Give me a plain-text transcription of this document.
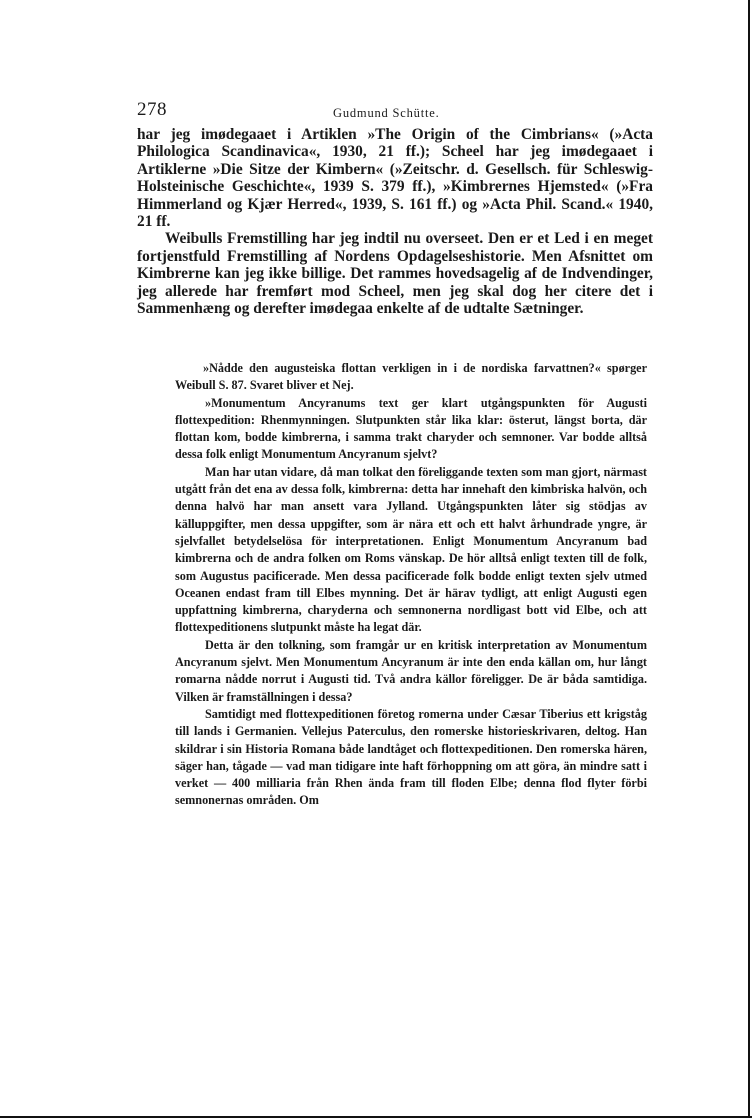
278	Gudmund Schütte.

har jeg imødegaaet i Artiklen »The Origin of the Cimbrians« (»Acta Philologica Scandinavica«, 1930, 21 ff.); Scheel har jeg imødegaaet i Artiklerne »Die Sitze der Kimbern« (»Zeitschr. d. Gesellsch. für Schleswig-Holsteinische Geschichte«, 1939 S. 379 ff.), »Kimbrernes Hjemsted« (»Fra Himmerland og Kjær Herred«, 1939, S. 161 ff.) og »Acta Phil. Scand.« 1940, 21 ff.

Weibulls Fremstilling har jeg indtil nu overseet. Den er et Led i en meget fortjenstfuld Fremstilling af Nordens Opdagelseshistorie. Men Afsnittet om Kimbrerne kan jeg ikke billige. Det rammes hovedsagelig af de Indvendinger, jeg allerede har fremført mod Scheel, men jeg skal dog her citere det i Sammenhæng og derefter imødegaa enkelte af de udtalte Sætninger.

»Nådde den augusteiska flottan verkligen in i de nordiska farvattnen?« spørger Weibull S. 87. Svaret bliver et Nej.

»Monumentum Ancyranums text ger klart utgångspunkten för Augusti flottexpedition: Rhenmynningen. Slutpunkten står lika klar: österut, längst borta, där flottan kom, bodde kimbrerna, i samma trakt charyder och semnoner. Var bodde alltså dessa folk enligt Monumentum Ancyranum sjelvt?

Man har utan vidare, då man tolkat den föreliggande texten som man gjort, närmast utgått från det ena av dessa folk, kimbrerna: detta har innehaft den kimbriska halvön, och denna halvö har man ansett vara Jylland. Utgångspunkten låter sig stödjas av källuppgifter, men dessa uppgifter, som är nära ett och ett halvt århundrade yngre, är sjelvfallet betydelselösa för interpretationen. Enligt Monumentum Ancyranum bad kimbrerna och de andra folken om Roms vänskap. De hör alltså enligt texten till de folk, som Augustus pacificerade. Men dessa pacificerade folk bodde enligt texten sjelv utmed Oceanen endast fram till Elbes mynning. Det är härav tydligt, att enligt Augusti egen uppfattning kimbrerna, charyderna och semnonerna nordligast bott vid Elbe, och att flottexpeditionens slutpunkt måste ha legat där.

Detta är den tolkning, som framgår ur en kritisk interpretation av Monumentum Ancyranum sjelvt. Men Monumentum Ancyranum är inte den enda källan om, hur långt romarna nådde norrut i Augusti tid. Två andra källor föreligger. De är båda samtidiga. Vilken är framställningen i dessa?

Samtidigt med flottexpeditionen företog romerna under Cæsar Tiberius ett krigståg till lands i Germanien. Vellejus Paterculus, den romerske historieskrivaren, deltog. Han skildrar i sin Historia Romana både landtåget och flottexpeditionen. Den romerska hären, säger han, tågade — vad man tidigare inte haft förhoppning om att göra, än mindre satt i verket — 400 milliaria från Rhen ända fram till floden Elbe; denna flod flyter förbi semnonernas områden. Om
